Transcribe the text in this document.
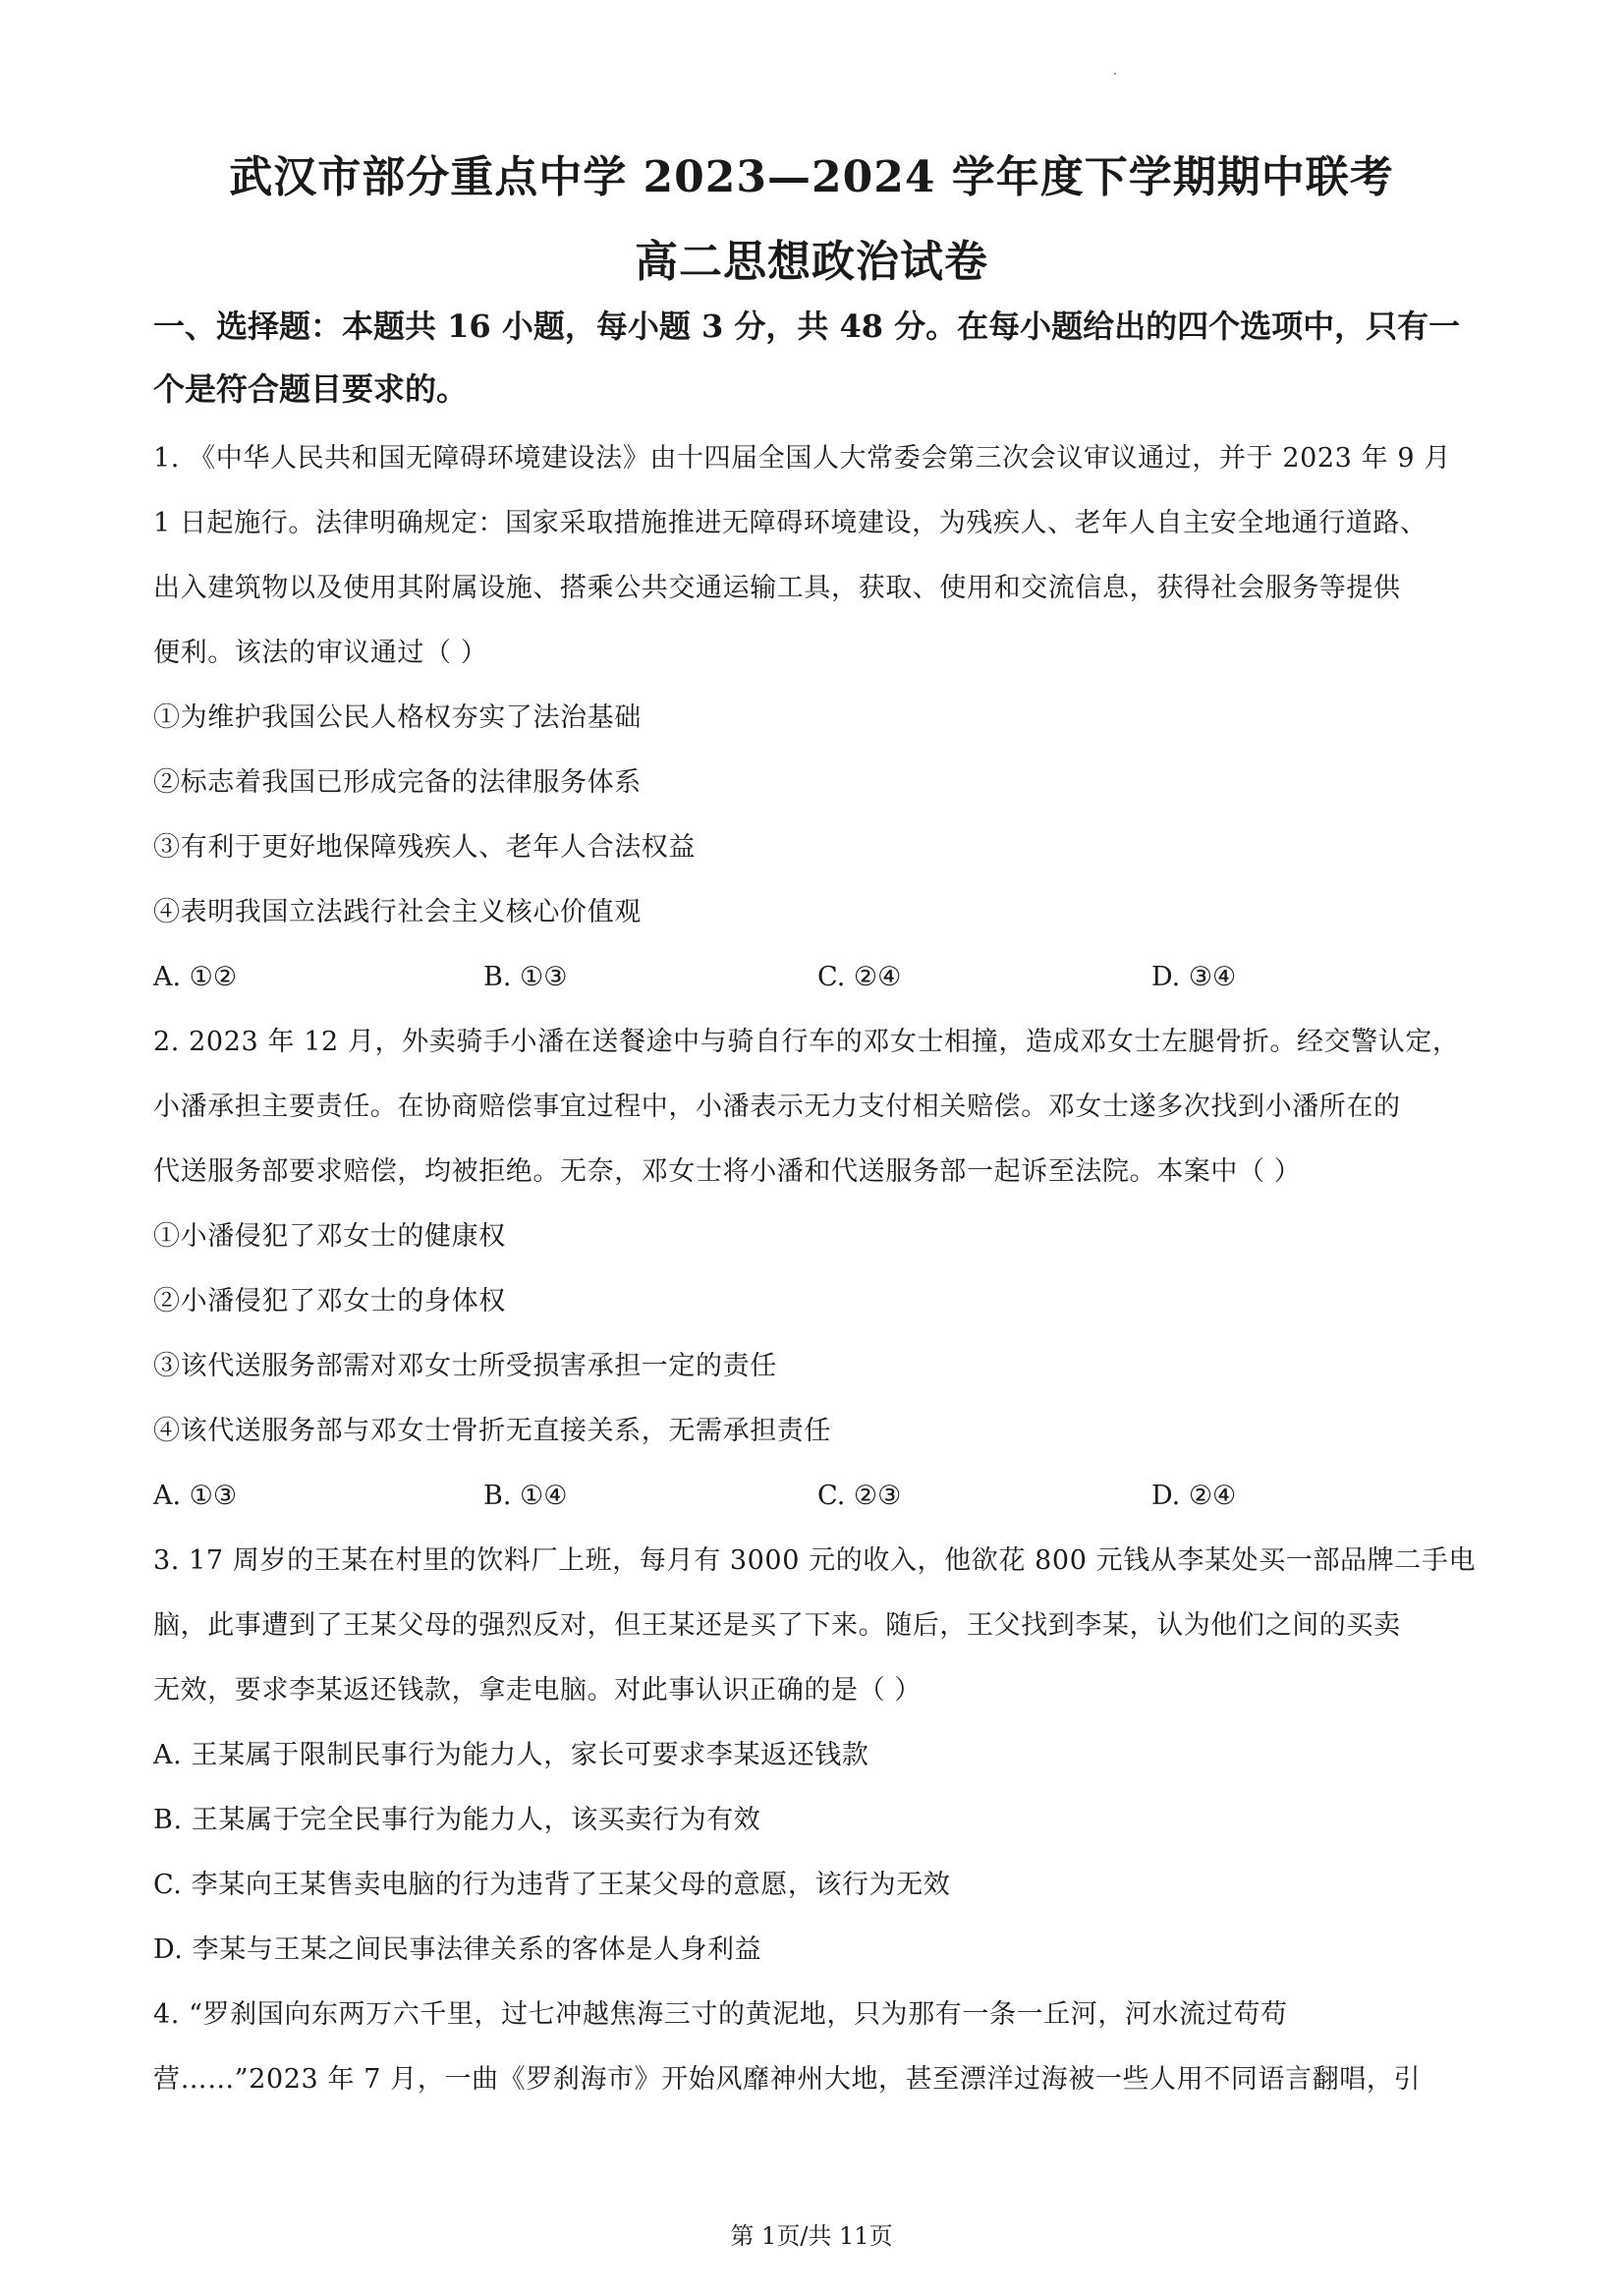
武汉市部分重点中学 2023—2024 学年度下学期期中联考
高二思想政治试卷
一、选择题：本题共 16 小题，每小题 3 分，共 48 分。在每小题给出的四个选项中，只有一个是符合题目要求的。
1. 《中华人民共和国无障碍环境建设法》由十四届全国人大常委会第三次会议审议通过，并于 2023 年 9 月
1 日起施行。法律明确规定：国家采取措施推进无障碍环境建设，为残疾人、老年人自主安全地通行道路、
出入建筑物以及使用其附属设施、搭乘公共交通运输工具，获取、使用和交流信息，获得社会服务等提供
便利。该法的审议通过（ ）
①为维护我国公民人格权夯实了法治基础
②标志着我国已形成完备的法律服务体系
③有利于更好地保障残疾人、老年人合法权益
④表明我国立法践行社会主义核心价值观
A. ①②	B. ①③	C. ②④	D. ③④
2. 2023 年 12 月，外卖骑手小潘在送餐途中与骑自行车的邓女士相撞，造成邓女士左腿骨折。经交警认定，
小潘承担主要责任。在协商赔偿事宜过程中，小潘表示无力支付相关赔偿。邓女士遂多次找到小潘所在的
代送服务部要求赔偿，均被拒绝。无奈，邓女士将小潘和代送服务部一起诉至法院。本案中（ ）
①小潘侵犯了邓女士的健康权
②小潘侵犯了邓女士的身体权
③该代送服务部需对邓女士所受损害承担一定的责任
④该代送服务部与邓女士骨折无直接关系，无需承担责任
A. ①③	B. ①④	C. ②③	D. ②④
3. 17 周岁的王某在村里的饮料厂上班，每月有 3000 元的收入，他欲花 800 元钱从李某处买一部品牌二手电
脑，此事遭到了王某父母的强烈反对，但王某还是买了下来。随后，王父找到李某，认为他们之间的买卖
无效，要求李某返还钱款，拿走电脑。对此事认识正确的是（ ）
A. 王某属于限制民事行为能力人，家长可要求李某返还钱款
B. 王某属于完全民事行为能力人，该买卖行为有效
C. 李某向王某售卖电脑的行为违背了王某父母的意愿，该行为无效
D. 李某与王某之间民事法律关系的客体是人身利益
4. “罗刹国向东两万六千里，过七冲越焦海三寸的黄泥地，只为那有一条一丘河，河水流过苟苟
营……”2023 年 7 月，一曲《罗刹海市》开始风靡神州大地，甚至漂洋过海被一些人用不同语言翻唱，引
第 1页/共 11页
